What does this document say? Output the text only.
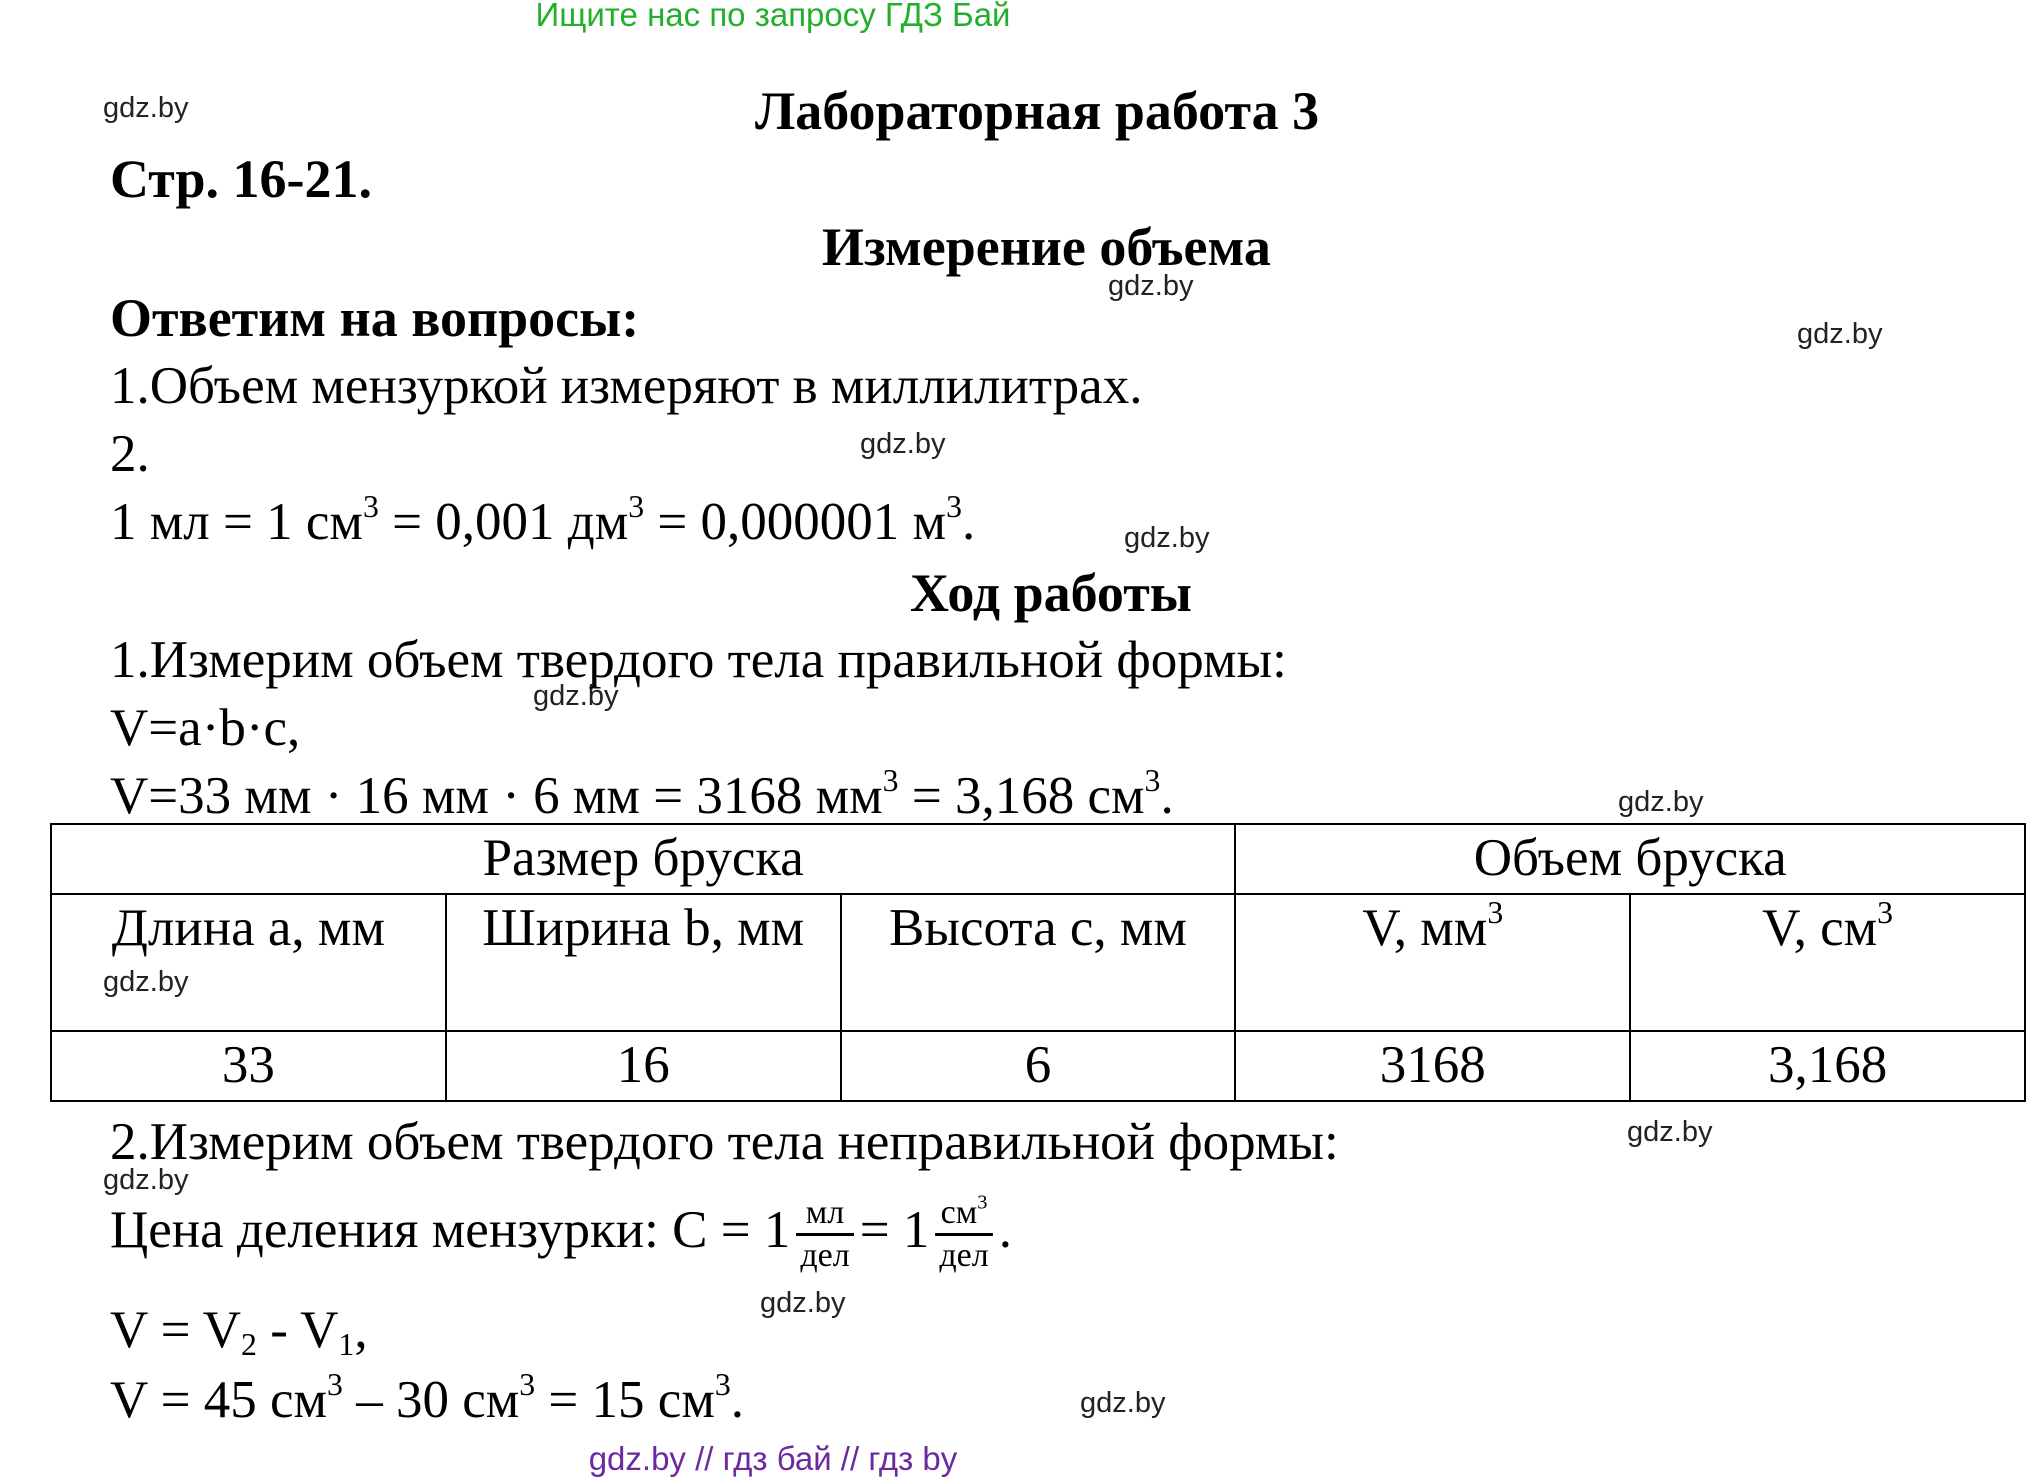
Ищите нас по запросу ГДЗ Бай
gdz.by
gdz.by
gdz.by
gdz.by
gdz.by
gdz.by
gdz.by
gdz.by
gdz.by
gdz.by
gdz.by
gdz.by
Лабораторная работа 3
Стр. 16-21.
Измерение объема
Ответим на вопросы:
1.Объем мензуркой измеряют в миллилитрах.
2.
1 мл = 1 $см^3 = 0,001$ $дм^3 = 0,000001$ $м^3$.
Ход работы
1.Измерим объем твердого тела правильной формы:
V=a·b·c,
V=33 мм · 16 мм · 6 мм = 3168 $мм^3 = 3,168$ $см^3$.
Размер бруска			Объем бруска	
Длина a, мм	Ширина b, мм	Высота c, мм	V, $мм^3$	V, $см^3$
33	16	6	3168	3,168
2.Измерим объем твердого тела неправильной формы:
Цена деления мензурки: $C = 1 \frac{мл}{\text{дел}} = 1 \frac{см^3}{\text{дел}}$ .
$V = V_2 - V_1$,
V = 45 $см^3 - 30$ $см^3 = 15$ $см^3$.
gdz.by // гдз бай // гдз by
